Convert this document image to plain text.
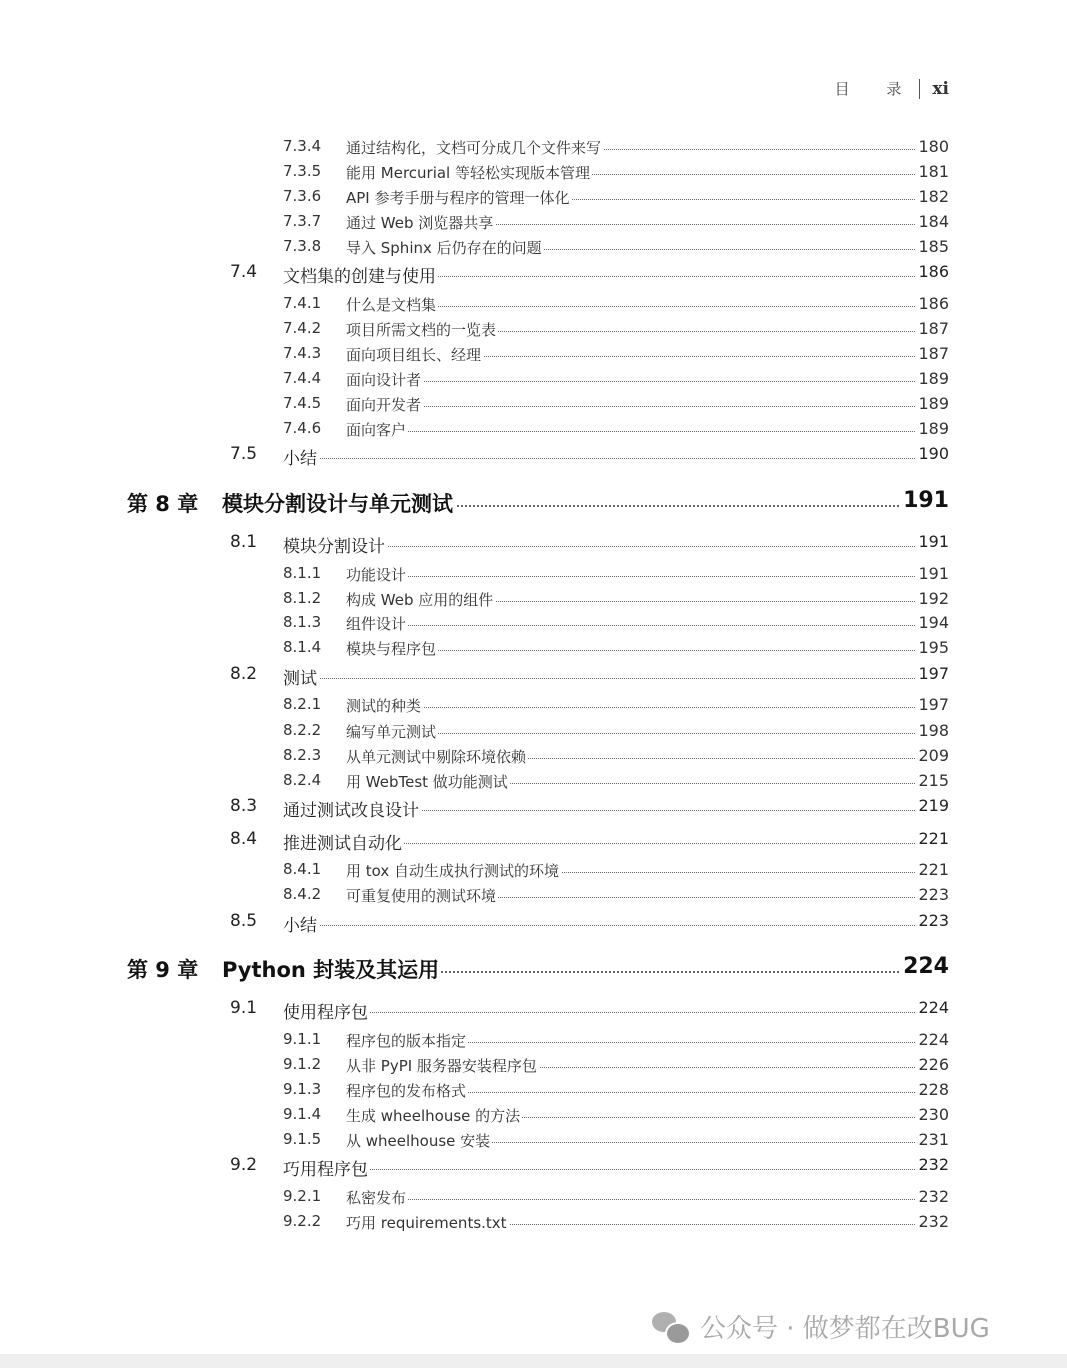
目 录 xi
7.3.4 通过结构化，文档可分成几个文件来写	180
7.3.5 能用 Mercurial 等轻松实现版本管理	181
7.3.6 API 参考手册与程序的管理一体化	182
7.3.7 通过 Web 浏览器共享	184
7.3.8 导入 Sphinx 后仍存在的问题	185
7.4 文档集的创建与使用	186
7.4.1 什么是文档集	186
7.4.2 项目所需文档的一览表	187
7.4.3 面向项目组长、经理	187
7.4.4 面向设计者	189
7.4.5 面向开发者	189
7.4.6 面向客户	189
7.5 小结	190
第 8 章 模块分割设计与单元测试	191
8.1 模块分割设计	191
8.1.1 功能设计	191
8.1.2 构成 Web 应用的组件	192
8.1.3 组件设计	194
8.1.4 模块与程序包	195
8.2 测试	197
8.2.1 测试的种类	197
8.2.2 编写单元测试	198
8.2.3 从单元测试中剔除环境依赖	209
8.2.4 用 WebTest 做功能测试	215
8.3 通过测试改良设计	219
8.4 推进测试自动化	221
8.4.1 用 tox 自动生成执行测试的环境	221
8.4.2 可重复使用的测试环境	223
8.5 小结	223
第 9 章 Python 封装及其运用	224
9.1 使用程序包	224
9.1.1 程序包的版本指定	224
9.1.2 从非 PyPI 服务器安装程序包	226
9.1.3 程序包的发布格式	228
9.1.4 生成 wheelhouse 的方法	230
9.1.5 从 wheelhouse 安装	231
9.2 巧用程序包	232
9.2.1 私密发布	232
9.2.2 巧用 requirements.txt	232
公众号 · 做梦都在改BUG
